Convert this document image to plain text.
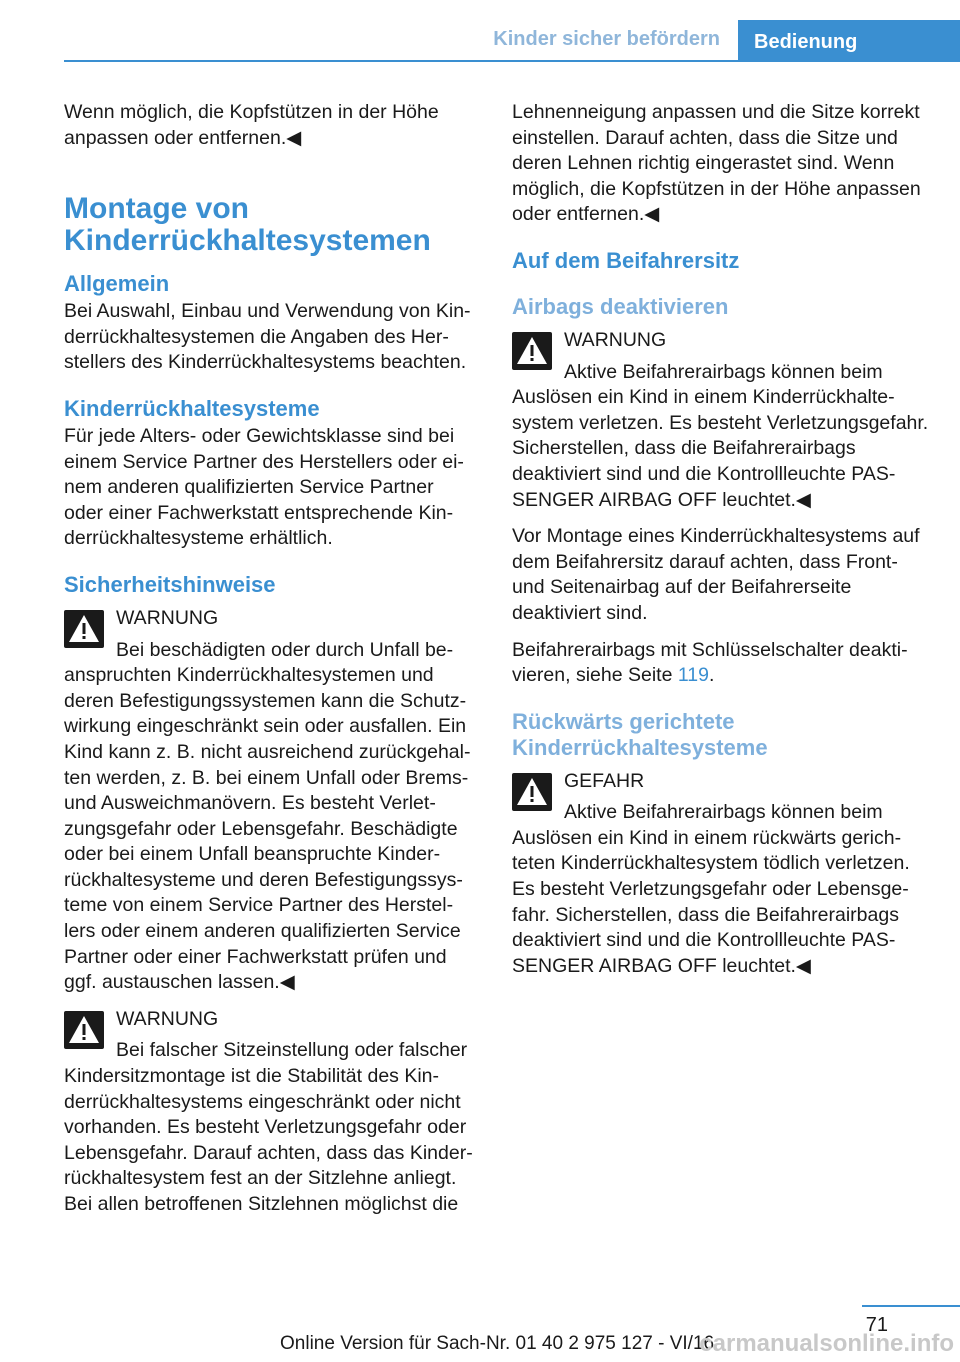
Kinder sicher befördern	Bedienung

Wenn möglich, die Kopfstützen in der Höhe anpassen oder entfernen.◀

Montage von Kinderrückhaltesystemen
Allgemein

Bei Auswahl, Einbau und Verwendung von Kinderrückhaltesystemen die Angaben des Herstellers des Kinderrückhaltesystems beachten.

Kinderrückhaltesysteme

Für jede Alters- oder Gewichtsklasse sind bei einem Service Partner des Herstellers oder einem anderen qualifizierten Service Partner oder einer Fachwerkstatt entsprechende Kinderrückhaltesysteme erhältlich.

Sicherheitshinweise
WARNUNG
Bei beschädigten oder durch Unfall beanspruchten Kinderrückhaltesystemen und deren Befestigungssystemen kann die Schutzwirkung eingeschränkt sein oder ausfallen. Ein Kind kann z. B. nicht ausreichend zurückgehalten werden, z. B. bei einem Unfall oder Brems- und Ausweichmanövern. Es besteht Verletzungsgefahr oder Lebensgefahr. Beschädigte oder bei einem Unfall beanspruchte Kinderrückhaltesysteme und deren Befestigungssysteme von einem Service Partner des Herstellers oder einem anderen qualifizierten Service Partner oder einer Fachwerkstatt prüfen und ggf. austauschen lassen.◀
WARNUNG
Bei falscher Sitzeinstellung oder falscher Kindersitzmontage ist die Stabilität des Kinderrückhaltesystems eingeschränkt oder nicht vorhanden. Es besteht Verletzungsgefahr oder Lebensgefahr. Darauf achten, dass das Kinderrückhaltesystem fest an der Sitzlehne anliegt. Bei allen betroffenen Sitzlehnen möglichst die

Lehnenneigung anpassen und die Sitze korrekt einstellen. Darauf achten, dass die Sitze und deren Lehnen richtig eingerastet sind. Wenn möglich, die Kopfstützen in der Höhe anpassen oder entfernen.◀

Auf dem Beifahrersitz
Airbags deaktivieren
WARNUNG
Aktive Beifahrerairbags können beim Auslösen ein Kind in einem Kinderrückhaltesystem verletzen. Es besteht Verletzungsgefahr. Sicherstellen, dass die Beifahrerairbags deaktiviert sind und die Kontrollleuchte PASSENGER AIRBAG OFF leuchtet.◀

Vor Montage eines Kinderrückhaltesystems auf dem Beifahrersitz darauf achten, dass Front- und Seitenairbag auf der Beifahrerseite deaktiviert sind.

Beifahrerairbags mit Schlüsselschalter deaktivieren, siehe Seite 119.

Rückwärts gerichtete Kinderrückhaltesysteme
GEFAHR
Aktive Beifahrerairbags können beim Auslösen ein Kind in einem rückwärts gerichteten Kinderrückhaltesystem tödlich verletzen. Es besteht Verletzungsgefahr oder Lebensgefahr. Sicherstellen, dass die Beifahrerairbags deaktiviert sind und die Kontrollleuchte PASSENGER AIRBAG OFF leuchtet.◀
71
Online Version für Sach-Nr. 01 40 2 975 127 - VI/16
carmanualsonline.info
